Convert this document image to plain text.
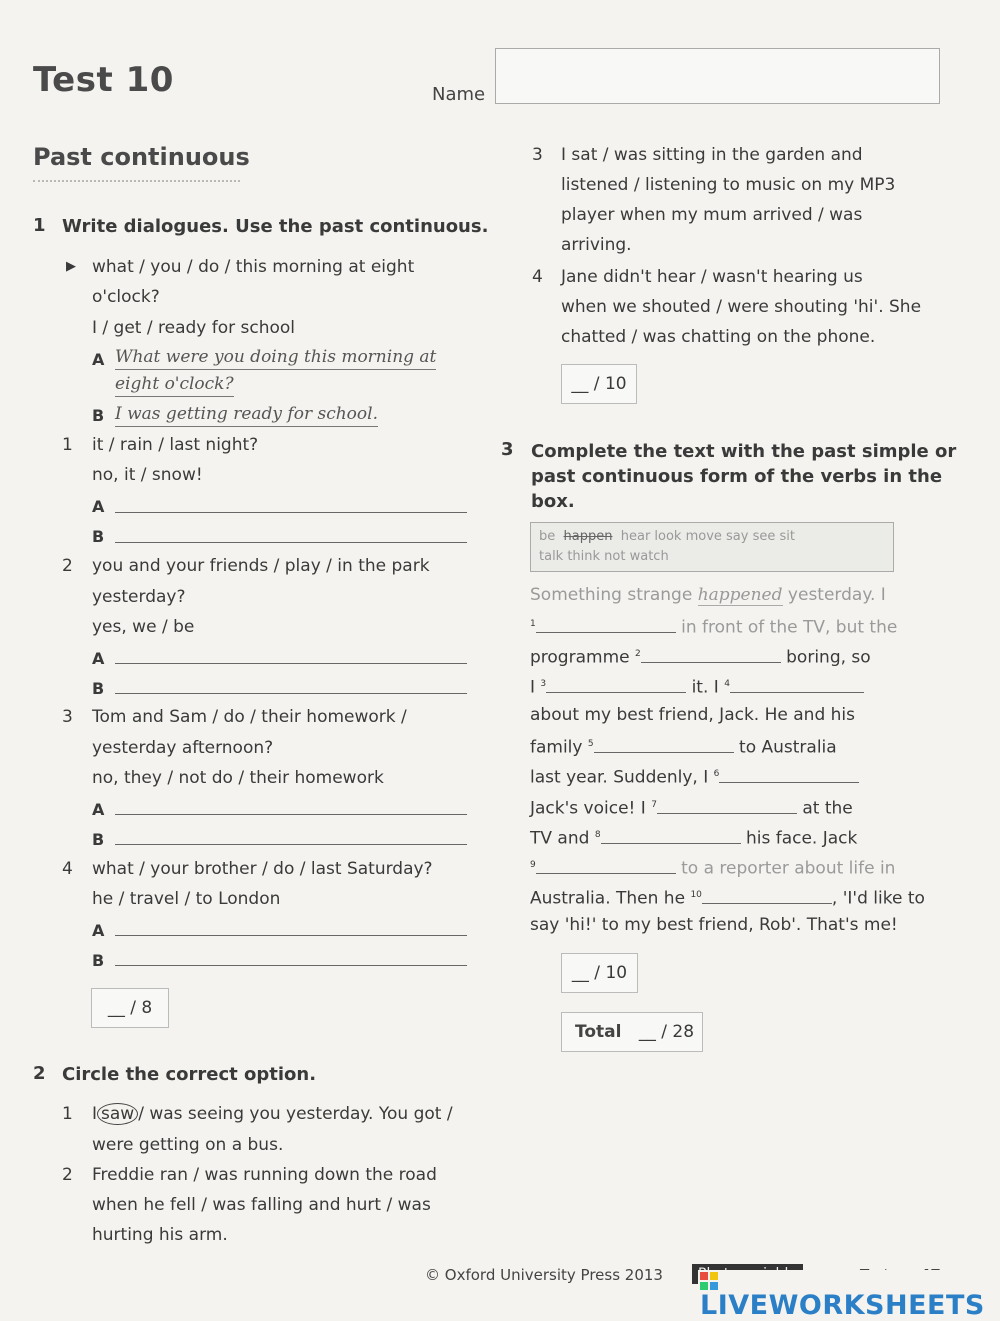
Test 10	Name
Past continuous
1 Write dialogues. Use the past continuous.
▶ what / you / do / this morning at eight
o'clock?
I / get / ready for school
A What were you doing this morning at
eight o'clock?
B I was getting ready for school.
1 it / rain / last night?
no, it / snow!
A
B
2 you and your friends / play / in the park
yesterday?
yes, we / be
A
B
3 Tom and Sam / do / their homework /
yesterday afternoon?
no, they / not do / their homework
A
B
4 what / your brother / do / last Saturday?
he / travel / to London
A
B
__ / 8
2 Circle the correct option.
1 I saw / was seeing you yesterday. You got /
were getting on a bus.
2 Freddie ran / was running down the road
when he fell / was falling and hurt / was
hurting his arm.
3 I sat / was sitting in the garden and
listened / listening to music on my MP3
player when my mum arrived / was
arriving.
4 Jane didn't hear / wasn't hearing us
when we shouted / were shouting 'hi'. She
chatted / was chatting on the phone.
__ / 10
3 Complete the text with the past simple or
past continuous form of the verbs in the
box.
be happen hear look move say see sit
talk think not watch
Something strange happened yesterday. I
$^1$	in front of the TV, but the
programme $^2$	boring, so
I $^3$	it. I $^4$
about my best friend, Jack. He and his
family $^5$	to Australia
last year. Suddenly, I $^6$
Jack's voice! I $^7$	at the
TV and $^8$	his face. Jack
$^9$	to a reporter about life in
Australia. Then he $^{10}$	, 'I'd like to
say 'hi!' to my best friend, Rob'. That's me!
__ / 10
Total __ / 28
© Oxford University Press 2013
LIVEWORKSHEETS
